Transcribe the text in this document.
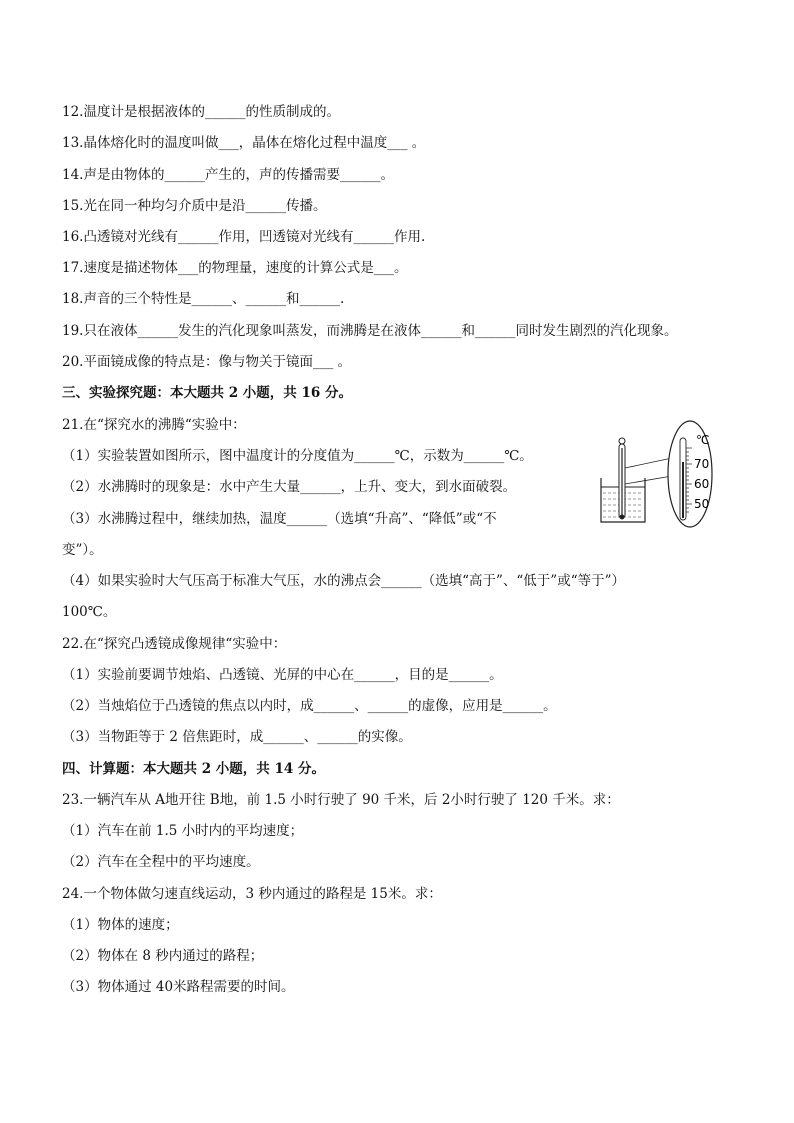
12.温度计是根据液体的______的性质制成的。
13.晶体熔化时的温度叫做___，晶体在熔化过程中温度___ 。
14.声是由物体的______产生的，声的传播需要______。
15.光在同一种均匀介质中是沿______传播。
16.凸透镜对光线有______作用，凹透镜对光线有______作用.
17.速度是描述物体___的物理量，速度的计算公式是___。
18.声音的三个特性是______、______和______.
19.只在液体______发生的汽化现象叫蒸发，而沸腾是在液体______和______同时发生剧烈的汽化现象。
20.平面镜成像的特点是：像与物关于镜面___ 。
三、实验探究题：本大题共 2 小题，共 16 分。
21.在“探究水的沸腾“实验中：
（1）实验装置如图所示，图中温度计的分度值为______℃，示数为______℃。
（2）水沸腾时的现象是：水中产生大量______，上升、变大，到水面破裂。
（3）水沸腾过程中，继续加热，温度______（选填“升高”、“降低”或“不
变”）。
（4）如果实验时大气压高于标准大气压，水的沸点会______（选填“高于”、“低于”或“等于”）
100℃。
22.在“探究凸透镜成像规律“实验中：
（1）实验前要调节烛焰、凸透镜、光屏的中心在______，目的是______。
（2）当烛焰位于凸透镜的焦点以内时，成______、______的虚像，应用是______。
（3）当物距等于 2 倍焦距时，成______、______的实像。
四、计算题：本大题共 2 小题，共 14 分。
23.一辆汽车从 A地开往 B地，前 1.5 小时行驶了 90 千米，后 2小时行驶了 120 千米。求：
（1）汽车在前 1.5 小时内的平均速度；
（2）汽车在全程中的平均速度。
24.一个物体做匀速直线运动，3 秒内通过的路程是 15米。求：
（1）物体的速度；
（2）物体在 8 秒内通过的路程；
（3）物体通过 40米路程需要的时间。
℃
70
60
50
